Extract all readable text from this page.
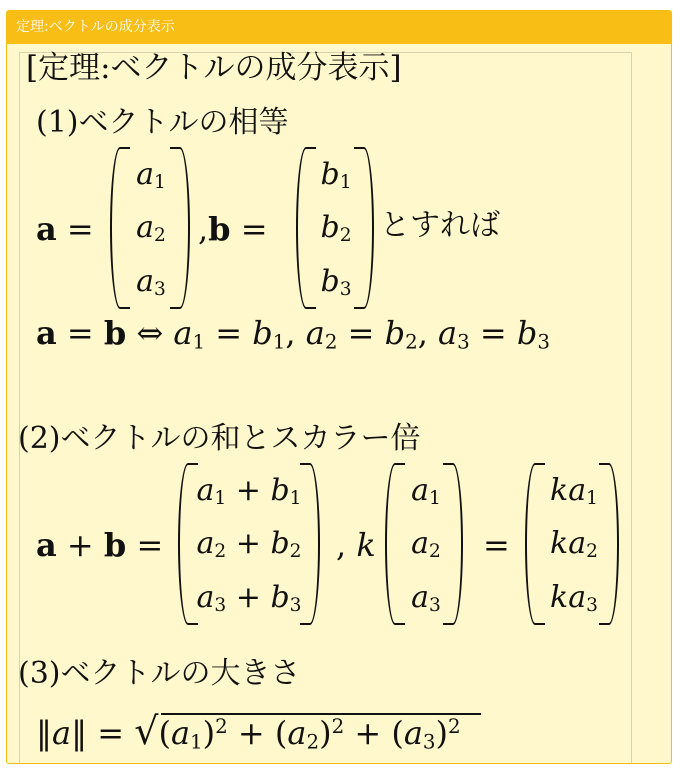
定理:ベクトルの成分表示
[定理:ベクトルの成分表示]
(1)ベクトルの相等
a =
$a_1$
$a_2$
$a_3$
,b =
$b_1$
$b_2$
$b_3$
とすれば
a = b ⇔ $a_1 = b_1$, $a_2 = b_2$, $a_3 = b_3$
(2)ベクトルの和とスカラー倍
a + b =
$a_1 + b_1$
$a_2 + b_2$
$a_3 + b_3$
, k
$a_1$
$a_2$
$a_3$
=
$ka_1$
$ka_2$
$ka_3$
(3)ベクトルの大きさ
‖a‖ = $√(a_1)^2 + (a_2)^2 + (a_3)^2$
